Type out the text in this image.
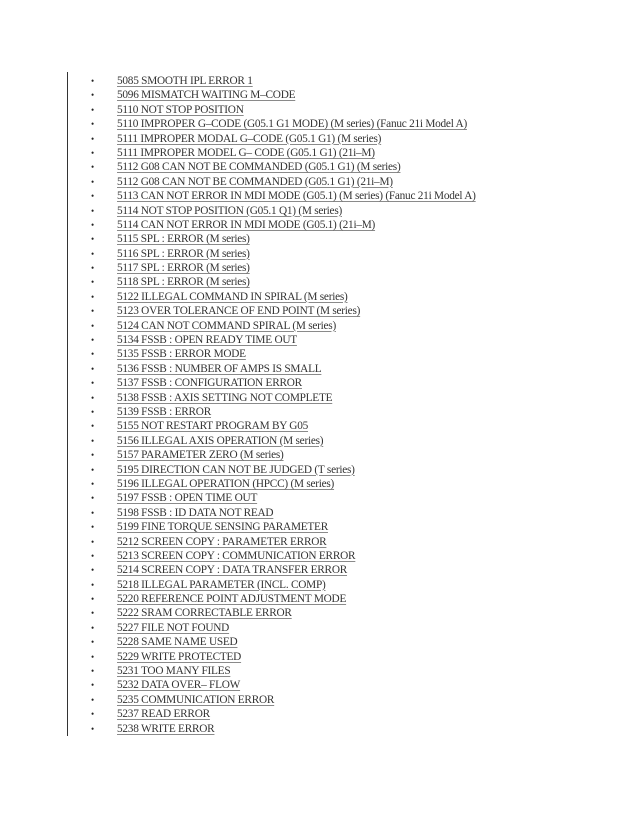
• 5085 SMOOTH IPL ERROR 1
• 5096 MISMATCH WAITING M–CODE
• 5110 NOT STOP POSITION
• 5110 IMPROPER G–CODE (G05.1 G1 MODE) (M series) (Fanuc 21i Model A)
• 5111 IMPROPER MODAL G–CODE (G05.1 G1) (M series)
• 5111 IMPROPER MODEL G– CODE (G05.1 G1) (21i–M)
• 5112 G08 CAN NOT BE COMMANDED (G05.1 G1) (M series)
• 5112 G08 CAN NOT BE COMMANDED (G05.1 G1) (21i–M)
• 5113 CAN NOT ERROR IN MDI MODE (G05.1) (M series) (Fanuc 21i Model A)
• 5114 NOT STOP POSITION (G05.1 Q1) (M series)
• 5114 CAN NOT ERROR IN MDI MODE (G05.1) (21i–M)
• 5115 SPL : ERROR (M series)
• 5116 SPL : ERROR (M series)
• 5117 SPL : ERROR (M series)
• 5118 SPL : ERROR (M series)
• 5122 ILLEGAL COMMAND IN SPIRAL (M series)
• 5123 OVER TOLERANCE OF END POINT (M series)
• 5124 CAN NOT COMMAND SPIRAL (M series)
• 5134 FSSB : OPEN READY TIME OUT
• 5135 FSSB : ERROR MODE
• 5136 FSSB : NUMBER OF AMPS IS SMALL
• 5137 FSSB : CONFIGURATION ERROR
• 5138 FSSB : AXIS SETTING NOT COMPLETE
• 5139 FSSB : ERROR
• 5155 NOT RESTART PROGRAM BY G05
• 5156 ILLEGAL AXIS OPERATION (M series)
• 5157 PARAMETER ZERO (M series)
• 5195 DIRECTION CAN NOT BE JUDGED (T series)
• 5196 ILLEGAL OPERATION (HPCC) (M series)
• 5197 FSSB : OPEN TIME OUT
• 5198 FSSB : ID DATA NOT READ
• 5199 FINE TORQUE SENSING PARAMETER
• 5212 SCREEN COPY : PARAMETER ERROR
• 5213 SCREEN COPY : COMMUNICATION ERROR
• 5214 SCREEN COPY : DATA TRANSFER ERROR
• 5218 ILLEGAL PARAMETER (INCL. COMP)
• 5220 REFERENCE POINT ADJUSTMENT MODE
• 5222 SRAM CORRECTABLE ERROR
• 5227 FILE NOT FOUND
• 5228 SAME NAME USED
• 5229 WRITE PROTECTED
• 5231 TOO MANY FILES
• 5232 DATA OVER– FLOW
• 5235 COMMUNICATION ERROR
• 5237 READ ERROR
• 5238 WRITE ERROR
